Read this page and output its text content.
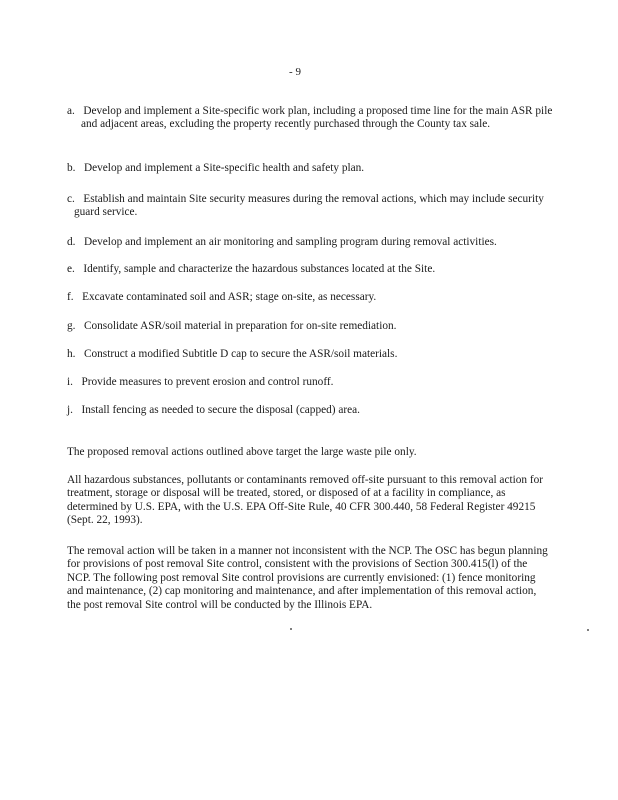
- 9
a. Develop and implement a Site-specific work plan, including a proposed time line for the main ASR pile and adjacent areas, excluding the property recently purchased through the County tax sale.
b. Develop and implement a Site-specific health and safety plan.
c. Establish and maintain Site security measures during the removal actions, which may include security guard service.
d. Develop and implement an air monitoring and sampling program during removal activities.
e. Identify, sample and characterize the hazardous substances located at the Site.
f. Excavate contaminated soil and ASR; stage on-site, as necessary.
g. Consolidate ASR/soil material in preparation for on-site remediation.
h. Construct a modified Subtitle D cap to secure the ASR/soil materials.
i. Provide measures to prevent erosion and control runoff.
j. Install fencing as needed to secure the disposal (capped) area.
The proposed removal actions outlined above target the large waste pile only.
All hazardous substances, pollutants or contaminants removed off-site pursuant to this removal action for treatment, storage or disposal will be treated, stored, or disposed of at a facility in compliance, as determined by U.S. EPA, with the U.S. EPA Off-Site Rule, 40 CFR 300.440, 58 Federal Register 49215 (Sept. 22, 1993).
The removal action will be taken in a manner not inconsistent with the NCP. The OSC has begun planning for provisions of post removal Site control, consistent with the provisions of Section 300.415(l) of the NCP. The following post removal Site control provisions are currently envisioned: (1) fence monitoring and maintenance, (2) cap monitoring and maintenance, and after implementation of this removal action, the post removal Site control will be conducted by the Illinois EPA.
